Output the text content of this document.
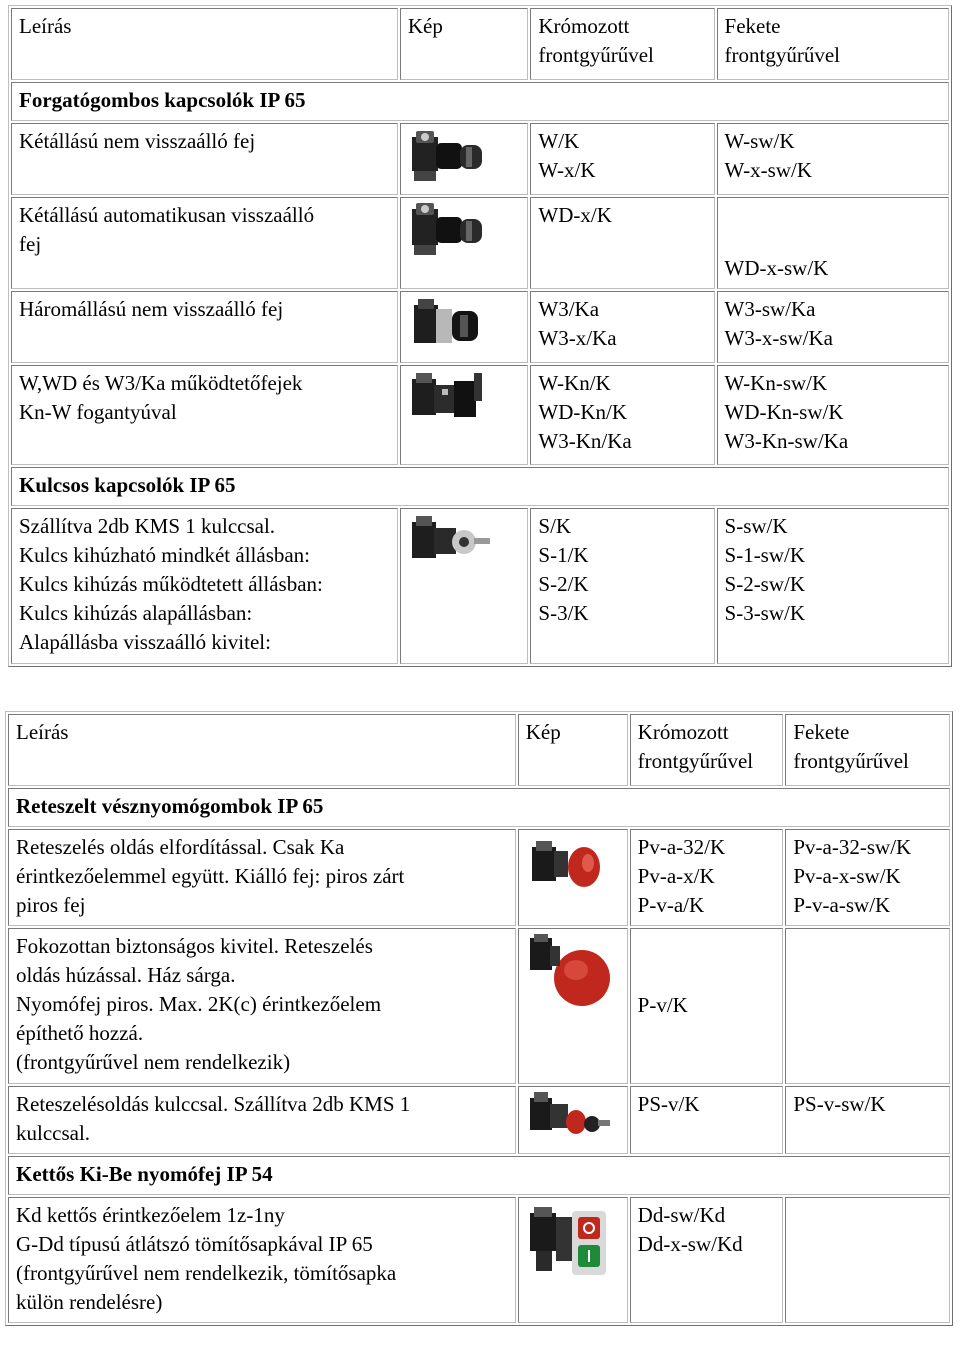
Leírás	Kép	Krómozott
frontgyűrűvel	Fekete
frontgyűrűvel

Forgatógombos kapcsolók IP 65			

Kétállású nem visszaálló fej		W/K
W-x/K	W-sw/K
W-x-sw/K

Kétállású automatikusan visszaálló
fej		WD-x/K	WD-x-sw/K

Háromállású nem visszaálló fej		W3/Ka
W3-x/Ka	W3-sw/Ka
W3-x-sw/Ka

W,WD és W3/Ka működtetőfejek
Kn-W fogantyúval		W-Kn/K
WD-Kn/K
W3-Kn/Ka	W-Kn-sw/K
WD-Kn-sw/K
W3-Kn-sw/Ka

Kulcsos kapcsolók IP 65			

Szállítva 2db KMS 1 kulccsal.
Kulcs kihúzható mindkét állásban:
Kulcs kihúzás működtetett állásban:
Kulcs kihúzás alapállásban:
Alapállásba visszaálló kivitel:		S/K
S-1/K
S-2/K
S-3/K	S-sw/K
S-1-sw/K
S-2-sw/K
S-3-sw/K
Leírás	Kép	Krómozott
frontgyűrűvel	Fekete
frontgyűrűvel

Reteszelt vésznyomógombok IP 65			

Reteszelés oldás elfordítással. Csak Ka
érintkezőelemmel együtt. Kiálló fej: piros zárt
piros fej		Pv-a-32/K
Pv-a-x/K
P-v-a/K	Pv-a-32-sw/K
Pv-a-x-sw/K
P-v-a-sw/K

Fokozottan biztonságos kivitel. Reteszelés
oldás húzással. Ház sárga.
Nyomófej piros. Max. 2K(c) érintkezőelem
építhető hozzá.
(frontgyűrűvel nem rendelkezik)		P-v/K	

Reteszelésoldás kulccsal. Szállítva 2db KMS 1
kulccsal.		PS-v/K	PS-v-sw/K

Kettős Ki-Be nyomófej IP 54			

Kd kettős érintkezőelem 1z-1ny
G-Dd típusú átlátszó tömítősapkával IP 65
(frontgyűrűvel nem rendelkezik, tömítősapka
külön rendelésre)		Dd-sw/Kd
Dd-x-sw/Kd	
